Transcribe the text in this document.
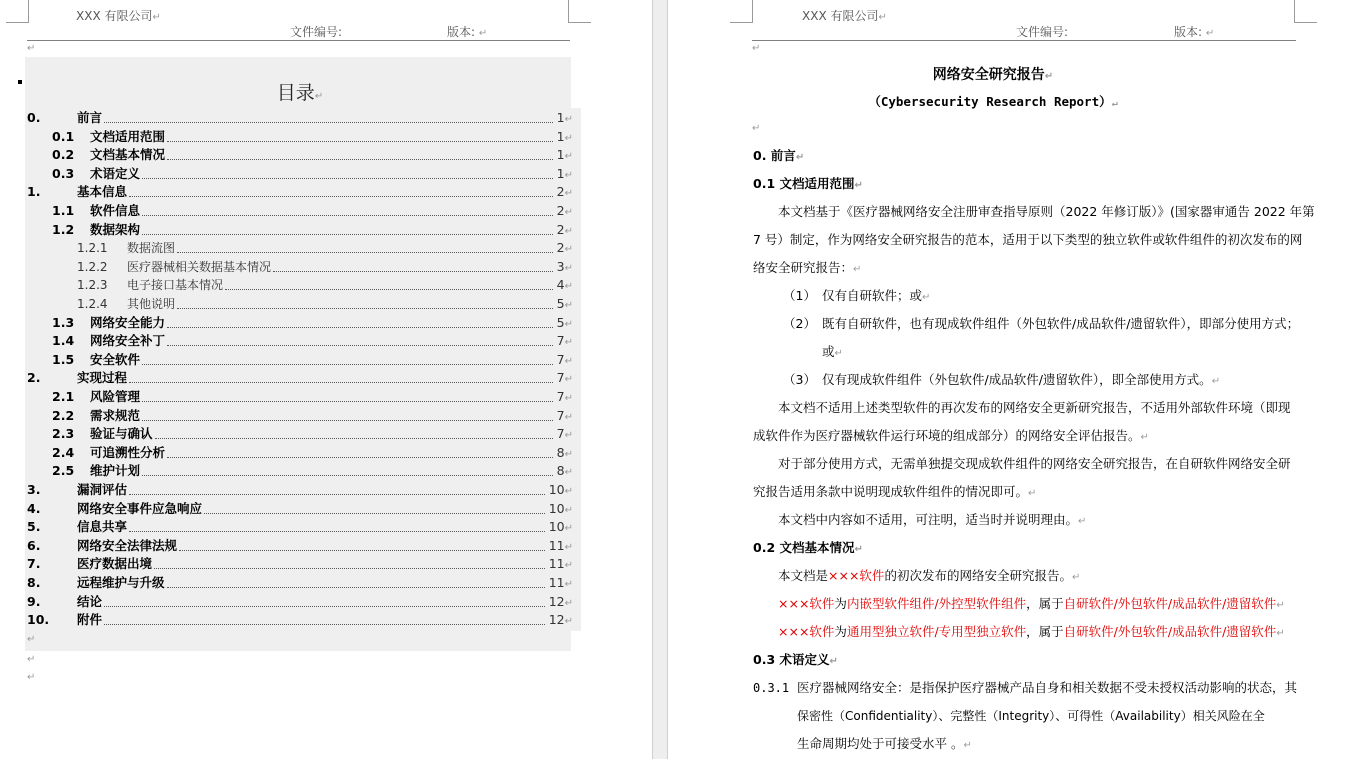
XXX 有限公司↵
文件编号:	版本: ↵
↵
目录↵
0.	前言	1↵
0.1 文档适用范围	1↵
0.2 文档基本情况	1↵
0.3 术语定义	1↵
1.	基本信息	2↵
1.1 软件信息	2↵
1.2 数据架构	2↵
1.2.1 数据流图	2↵
1.2.2 医疗器械相关数据基本情况	3↵
1.2.3 电子接口基本情况	4↵
1.2.4 其他说明	5↵
1.3 网络安全能力	5↵
1.4 网络安全补丁	7↵
1.5 安全软件	7↵
2.	实现过程	7↵
2.1 风险管理	7↵
2.2 需求规范	7↵
2.3 验证与确认	7↵
2.4 可追溯性分析	8↵
2.5 维护计划	8↵
3.	漏洞评估	10↵
4.	网络安全事件应急响应	10↵
5.	信息共享	10↵
6.	网络安全法律法规	11↵
7.	医疗数据出境	11↵
8.	远程维护与升级	11↵
9.	结论	12↵
10. 附件	12↵
↵
↵
↵
XXX 有限公司↵
文件编号:	版本: ↵
↵
网络安全研究报告↵
（Cybersecurity Research Report）↵
↵
0. 前言↵
0.1 文档适用范围↵
本文档基于《医疗器械网络安全注册审查指导原则（2022 年修订版）》(国家器审通告 2022 年第
7 号）制定，作为网络安全研究报告的范本，适用于以下类型的独立软件或软件组件的初次发布的网
络安全研究报告：↵
（1） 仅有自研软件；或↵
（2） 既有自研软件，也有现成软件组件（外包软件/成品软件/遗留软件），即部分使用方式；
或↵
（3） 仅有现成软件组件（外包软件/成品软件/遗留软件），即全部使用方式。↵
本文档不适用上述类型软件的再次发布的网络安全更新研究报告，不适用外部软件环境（即现
成软件作为医疗器械软件运行环境的组成部分）的网络安全评估报告。↵
对于部分使用方式，无需单独提交现成软件组件的网络安全研究报告，在自研软件网络安全研
究报告适用条款中说明现成软件组件的情况即可。↵
本文档中内容如不适用，可注明，适当时并说明理由。↵
0.2 文档基本情况↵
本文档是×××软件的初次发布的网络安全研究报告。↵
×××软件为内嵌型软件组件/外控型软件组件，属于自研软件/外包软件/成品软件/遗留软件↵
×××软件为通用型独立软件/专用型独立软件，属于自研软件/外包软件/成品软件/遗留软件↵
0.3 术语定义↵
0.3.1 医疗器械网络安全：是指保护医疗器械产品自身和相关数据不受未授权活动影响的状态，其
保密性（Confidentiality）、完整性（Integrity）、可得性（Availability）相关风险在全
生命周期均处于可接受水平 。↵
